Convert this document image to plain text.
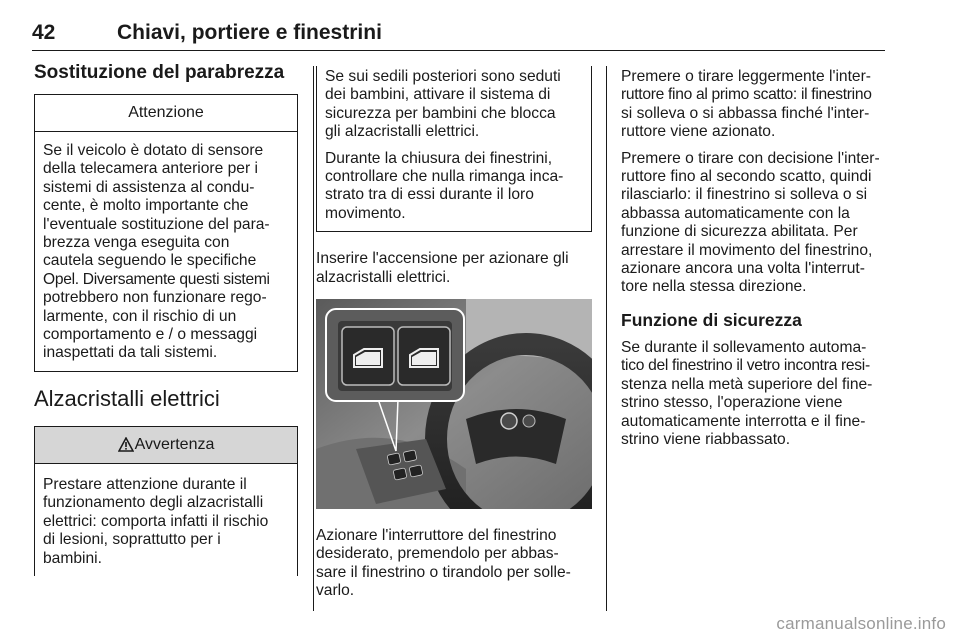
42	Chiavi, portiere e finestrini
Sostituzione del parabrezza
Attenzione
Se il veicolo è dotato di sensore
della telecamera anteriore per i
sistemi di assistenza al condu-
cente, è molto importante che
l'eventuale sostituzione del para-
brezza venga eseguita con
cautela seguendo le specifiche
Opel. Diversamente questi sistemi
potrebbero non funzionare rego-
larmente, con il rischio di un
comportamento e / o messaggi
inaspettati da tali sistemi.
Alzacristalli elettrici
Avvertenza
Prestare attenzione durante il
funzionamento degli alzacristalli
elettrici: comporta infatti il rischio
di lesioni, soprattutto per i
bambini.
Se sui sedili posteriori sono seduti
dei bambini, attivare il sistema di
sicurezza per bambini che blocca
gli alzacristalli elettrici.
Durante la chiusura dei finestrini,
controllare che nulla rimanga inca-
strato tra di essi durante il loro
movimento.
Inserire l'accensione per azionare gli
alzacristalli elettrici.
Azionare l'interruttore del finestrino
desiderato, premendolo per abbas-
sare il finestrino o tirandolo per solle-
varlo.
Premere o tirare leggermente l'inter-
ruttore fino al primo scatto: il finestrino
si solleva o si abbassa finché l'inter-
ruttore viene azionato.
Premere o tirare con decisione l'inter-
ruttore fino al secondo scatto, quindi
rilasciarlo: il finestrino si solleva o si
abbassa automaticamente con la
funzione di sicurezza abilitata. Per
arrestare il movimento del finestrino,
azionare ancora una volta l'interrut-
tore nella stessa direzione.
Funzione di sicurezza
Se durante il sollevamento automa-
tico del finestrino il vetro incontra resi-
stenza nella metà superiore del fine-
strino stesso, l'operazione viene
automaticamente interrotta e il fine-
strino viene riabbassato.
carmanualsonline.info
